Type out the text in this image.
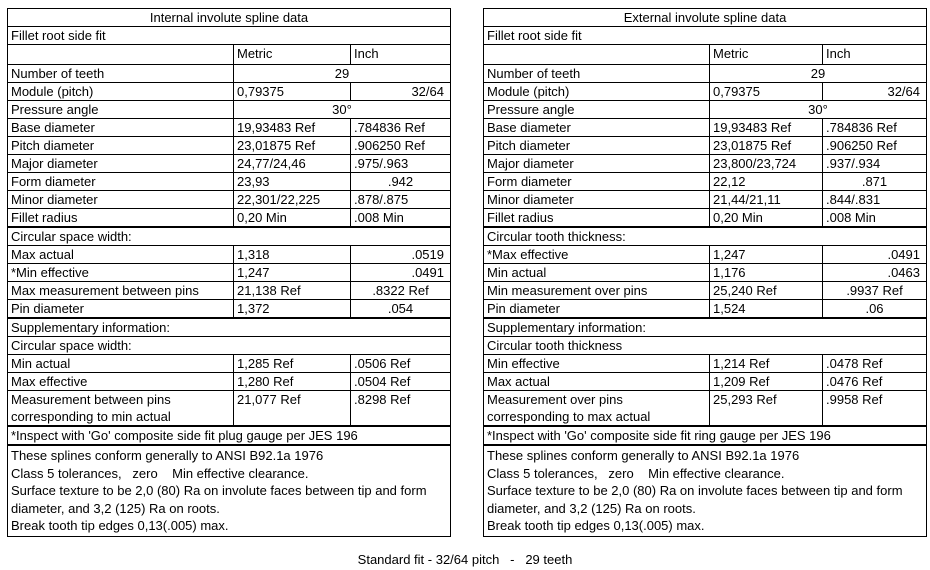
Internal involute spline data		
Fillet root side fit		
	Metric	Inch
Number of teeth	29	
Module (pitch)	0,79375	32/64
Pressure angle	30°	
Base diameter	19,93483 Ref	.784836 Ref
Pitch diameter	23,01875 Ref	.906250 Ref
Major diameter	24,77/24,46	.975/.963
Form diameter	23,93	.942
Minor diameter	22,301/22,225	.878/.875
Fillet radius	0,20 Min	.008 Min
Circular space width:		
Max actual	1,318	.0519
*Min effective	1,247	.0491
Max measurement between pins	21,138 Ref	.8322 Ref
Pin diameter	1,372	.054
Supplementary information:		
Circular space width:		
Min actual	1,285 Ref	.0506 Ref
Max effective	1,280 Ref	.0504 Ref

Measurement between pins
corresponding to min actual	21,077 Ref	.8298 Ref
*Inspect with 'Go' composite side fit plug gauge per JES 196		

These splines conform generally to ANSI B92.1a 1976
Class 5 tolerances,   zero    Min effective clearance.
Surface texture to be 2,0 (80) Ra on involute faces between tip and form diameter, and 3,2 (125) Ra on roots.
Break tooth tip edges 0,13(.005) max.		
External involute spline data		
Fillet root side fit		
	Metric	Inch
Number of teeth	29	
Module (pitch)	0,79375	32/64
Pressure angle	30°	
Base diameter	19,93483 Ref	.784836 Ref
Pitch diameter	23,01875 Ref	.906250 Ref
Major diameter	23,800/23,724	.937/.934
Form diameter	22,12	.871
Minor diameter	21,44/21,11	.844/.831
Fillet radius	0,20 Min	.008 Min
Circular tooth thickness:		
*Max effective	1,247	.0491
Min actual	1,176	.0463
Min measurement over pins	25,240 Ref	.9937 Ref
Pin diameter	1,524	.06
Supplementary information:		
Circular tooth thickness		
Min effective	1,214 Ref	.0478 Ref
Max actual	1,209 Ref	.0476 Ref

Measurement over pins
corresponding to max actual	25,293 Ref	.9958 Ref
*Inspect with 'Go' composite side fit ring gauge per JES 196		

These splines conform generally to ANSI B92.1a 1976
Class 5 tolerances,   zero    Min effective clearance.
Surface texture to be 2,0 (80) Ra on involute faces between tip and form diameter, and 3,2 (125) Ra on roots.
Break tooth tip edges 0,13(.005) max.		
Standard fit - 32/64 pitch   -   29 teeth
